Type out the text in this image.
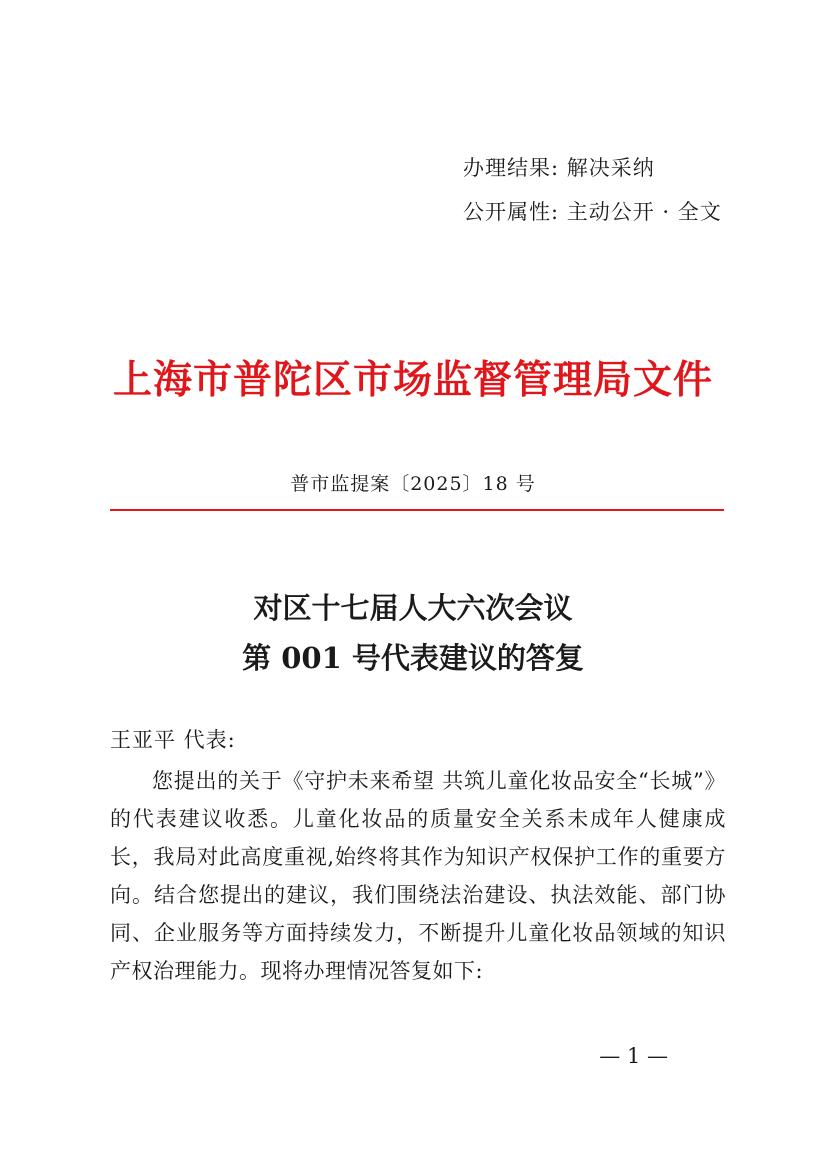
办理结果: 解决采纳
公开属性: 主动公开 · 全文
上海市普陀区市场监督管理局文件
普市监提案〔2025〕18 号
对区十七届人大六次会议
第 001 号代表建议的答复
王亚平 代表:

您提出的关于《守护未来希望 共筑儿童化妆品安全“长城”》的代表建议收悉。儿童化妆品的质量安全关系未成年人健康成长，我局对此高度重视,始终将其作为知识产权保护工作的重要方向。结合您提出的建议，我们围绕法治建设、执法效能、部门协同、企业服务等方面持续发力，不断提升儿童化妆品领域的知识产权治理能力。现将办理情况答复如下:

— 1 —
